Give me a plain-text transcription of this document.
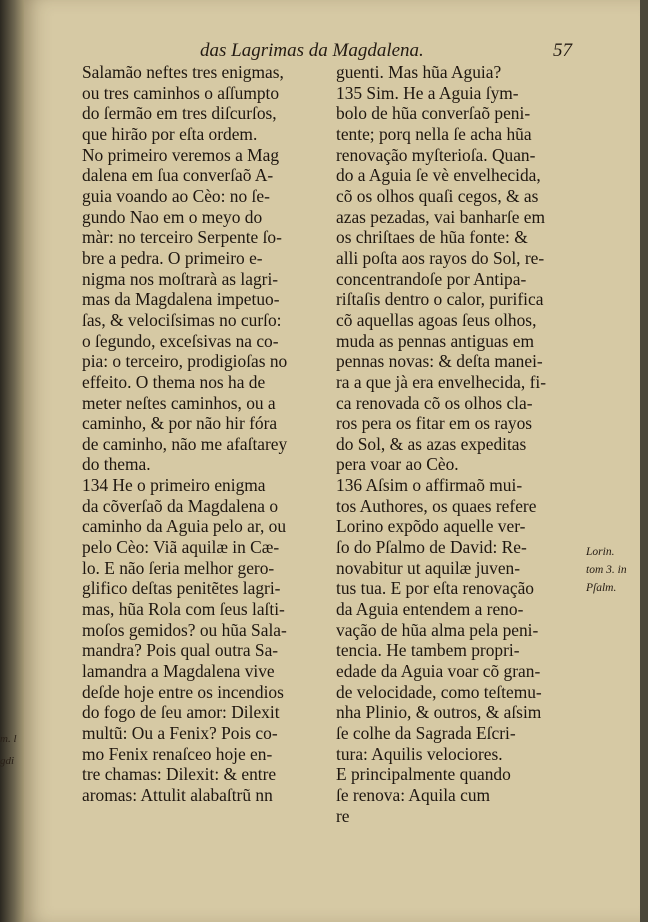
m. l
gdi
das Lagrimas da Magdalena.	57
Salamão neftes tres enigmas,
ou tres caminhos o aſſumpto
do ſermão em tres diſcurſos,
que hirão por eſta ordem.
No primeiro veremos a Mag
dalena em ſua converſaõ A-
guia voando ao Cèo: no ſe-
gundo Nao em o meyo do
màr: no terceiro Serpente ſo-
bre a pedra. O primeiro e-
nigma nos moſtrarà as lagri-
mas da Magdalena impetuo-
ſas, & velociſsimas no curſo:
o ſegundo, exceſsivas na co-
pia: o terceiro, prodigioſas no
effeito. O thema nos ha de
meter neſtes caminhos, ou a
caminho, & por não hir fóra
de caminho, não me afaſtarey
do thema.
134 He o primeiro enigma
da cõverſaõ da Magdalena o
caminho da Aguia pelo ar, ou
pelo Cèo: Viã aquilæ in Cæ-
lo. E não ſeria melhor gero-
glifico deſtas penitẽtes lagri-
mas, hũa Rola com ſeus laſti-
moſos gemidos? ou hũa Sala-
mandra? Pois qual outra Sa-
lamandra a Magdalena vive
deſde hoje entre os incendios
do fogo de ſeu amor: Dilexit
multũ: Ou a Fenix? Pois co-
mo Fenix renaſceo hoje en-
tre chamas: Dilexit: & entre
aromas: Attulit alabaſtrũ nn
guenti. Mas hũa Aguia?
135 Sim. He a Aguia ſym-
bolo de hũa converſaõ peni-
tente; porq nella ſe acha hũa
renovação myſterioſa. Quan-
do a Aguia ſe vè envelhecida,
cõ os olhos quaſi cegos, & as
azas pezadas, vai banharſe em
os chriſtaes de hũa fonte: &
alli poſta aos rayos do Sol, re-
concentrandoſe por Antipa-
riſtaſis dentro o calor, purifica
cõ aquellas agoas ſeus olhos,
muda as pennas antiguas em
pennas novas: & deſta manei-
ra a que jà era envelhecida, fi-
ca renovada cõ os olhos cla-
ros pera os fitar em os rayos
do Sol, & as azas expeditas
pera voar ao Cèo.
136 Aſsim o affirmaõ mui-
tos Authores, os quaes refere
Lorino expõdo aquelle ver-
ſo do Pſalmo de David: Re-
novabitur ut aquilæ juven-
tus tua. E por eſta renovação
da Aguia entendem a reno-
vação de hũa alma pela peni-
tencia. He tambem propri-
edade da Aguia voar cõ gran-
de velocidade, como teſtemu-
nha Plinio, & outros, & aſsim
ſe colhe da Sagrada Eſcri-
tura: Aquilis velociores.
E principalmente quando
ſe renova: Aquila cum
re
Lorin.
tom 3. in
Pſalm.
